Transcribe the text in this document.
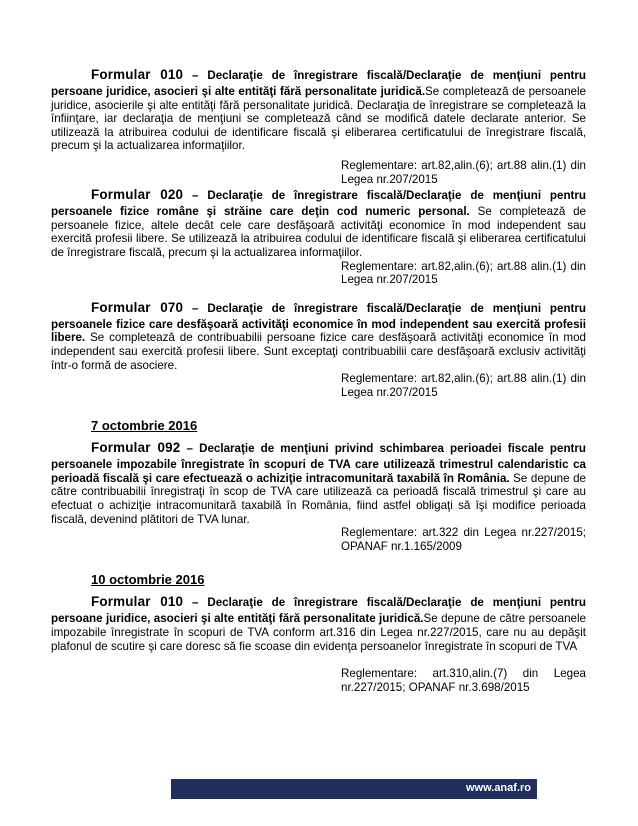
Formular 010 – Declaraţie de înregistrare fiscală/Declaraţie de menţiuni pentru
persoane juridice, asocieri şi alte entităţi fără personalitate juridică.Se completează de persoanele juridice, asocierile şi alte entităţi fără personalitate juridică. Declaraţia de înregistrare se completează la înfiinţare, iar declaraţia de menţiuni se completează când se modifică datele declarate anterior. Se utilizează la atribuirea codului de identificare fiscală şi eliberarea certificatului de înregistrare fiscală, precum şi la actualizarea informaţiilor.
Reglementare: art.82,alin.(6); art.88 alin.(1) din
Legea nr.207/2015
Formular 020 – Declaraţie de înregistrare fiscală/Declaraţie de menţiuni pentru
persoanele fizice române şi străine care deţin cod numeric personal. Se completează de persoanele fizice, altele decât cele care desfăşoară activităţi economice în mod independent sau exercită profesii libere. Se utilizează la atribuirea codului de identificare fiscală şi eliberarea certificatului de înregistrare fiscală, precum şi la actualizarea informaţiilor.
Reglementare: art.82,alin.(6); art.88 alin.(1) din
Legea nr.207/2015
Formular 070 – Declaraţie de înregistrare fiscală/Declaraţie de menţiuni pentru
persoanele fizice care desfăşoară activităţi economice în mod independent sau exercită profesii libere. Se completează de contribuabilii persoane fizice care desfăşoară activităţi economice în mod independent sau exercită profesii libere. Sunt exceptaţi contribuabilii care desfăşoară exclusiv activităţi într-o formă de asociere.
Reglementare: art.82,alin.(6); art.88 alin.(1) din
Legea nr.207/2015
7 octombrie 2016
Formular 092 – Declaraţie de menţiuni privind schimbarea perioadei fiscale pentru
persoanele impozabile înregistrate în scopuri de TVA care utilizează trimestrul calendaristic ca perioadă fiscală şi care efectuează o achiziţie intracomunitară taxabilă în România. Se depune de către contribuabilii înregistraţi în scop de TVA care utilizează ca perioadă fiscală trimestrul şi care au efectuat o achiziţie intracomunitară taxabilă în România, fiind astfel obligaţi să îşi modifice perioada fiscală, devenind plătitori de TVA lunar.
Reglementare: art.322 din Legea nr.227/2015;
OPANAF nr.1.165/2009
10 octombrie 2016
Formular 010 – Declaraţie de înregistrare fiscală/Declaraţie de menţiuni pentru
persoane juridice, asocieri şi alte entităţi fără personalitate juridică.Se depune de către persoanele impozabile înregistrate în scopuri de TVA conform art.316 din Legea nr.227/2015, care nu au depăşit plafonul de scutire şi care doresc să fie scoase din evidenţa persoanelor înregistrate în scopuri de TVA
Reglementare: art.310,alin.(7) din Legea
nr.227/2015; OPANAF nr.3.698/2015
www.anaf.ro
